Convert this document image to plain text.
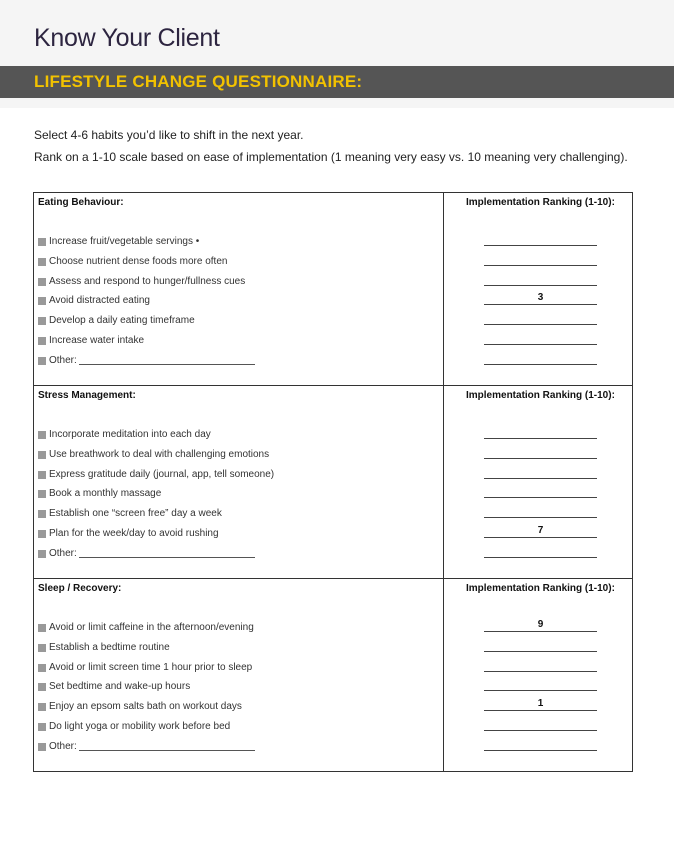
Know Your Client
LIFESTYLE CHANGE QUESTIONNAIRE:
Select 4-6 habits you’d like to shift in the next year.
Rank on a 1-10 scale based on ease of implementation (1 meaning very easy vs. 10 meaning very challenging).
Eating Behaviour:	Implementation Ranking (1-10):
Increase fruit/vegetable servings •
Choose nutrient dense foods more often
Assess and respond to hunger/fullness cues
Avoid distracted eating	3
Develop a daily eating timeframe
Increase water intake
Other:
Stress Management:	Implementation Ranking (1-10):
Incorporate meditation into each day
Use breathwork to deal with challenging emotions
Express gratitude daily (journal, app, tell someone)
Book a monthly massage
Establish one “screen free” day a week
Plan for the week/day to avoid rushing	7
Other:
Sleep / Recovery:	Implementation Ranking (1-10):
Avoid or limit caffeine in the afternoon/evening	9
Establish a bedtime routine
Avoid or limit screen time 1 hour prior to sleep
Set bedtime and wake-up hours
Enjoy an epsom salts bath on workout days	1
Do light yoga or mobility work before bed
Other:
